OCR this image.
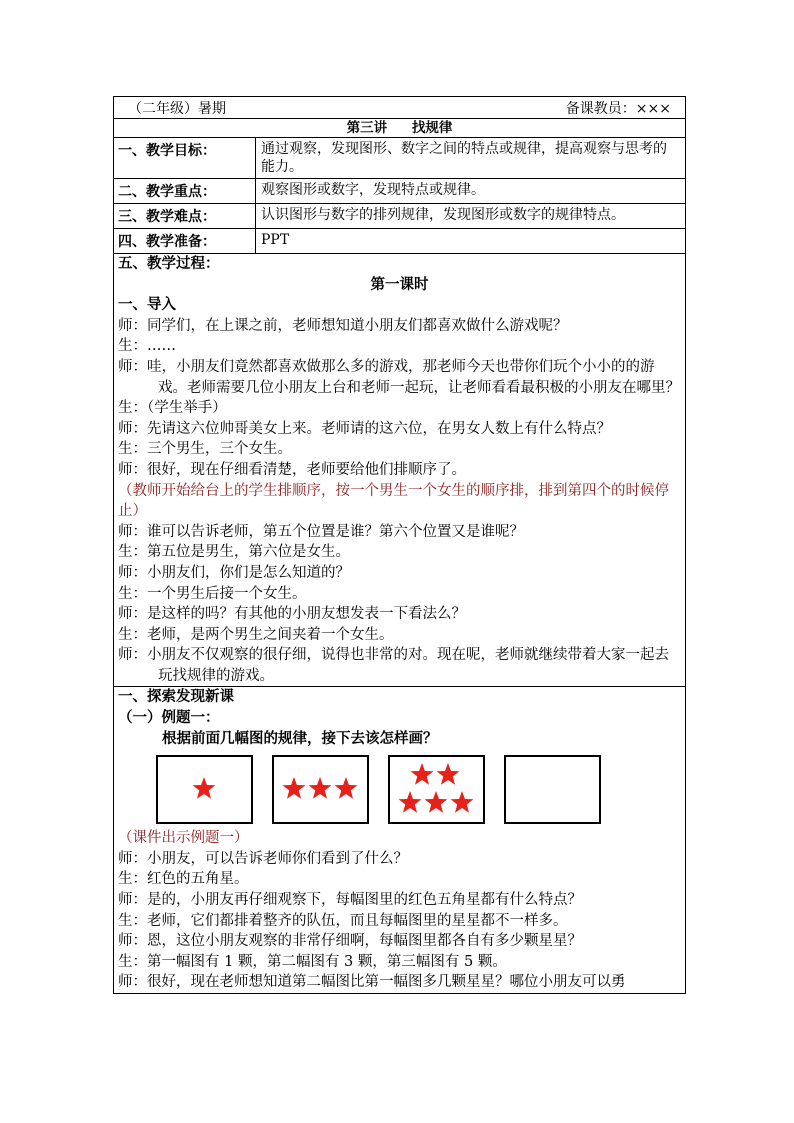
（二年级）暑期	备课教员：×××
第三讲 找规律
一、教学目标：	通过观察，发现图形、数字之间的特点或规律，提高观察与思考的能力。
二、教学重点：	观察图形或数字，发现特点或规律。
三、教学难点：	认识图形与数字的排列规律，发现图形或数字的规律特点。
四、教学准备：	PPT
五、教学过程：
第一课时
一、导入
师：同学们，在上课之前，老师想知道小朋友们都喜欢做什么游戏呢？
生：……
师：哇，小朋友们竟然都喜欢做那么多的游戏，那老师今天也带你们玩个小小的的游戏。老师需要几位小朋友上台和老师一起玩，让老师看看最积极的小朋友在哪里？
生：（学生举手）
师：先请这六位帅哥美女上来。老师请的这六位，在男女人数上有什么特点？
生：三个男生，三个女生。
师：很好，现在仔细看清楚，老师要给他们排顺序了。
（教师开始给台上的学生排顺序，按一个男生一个女生的顺序排，排到第四个的时候停止）
师：谁可以告诉老师，第五个位置是谁？第六个位置又是谁呢？
生：第五位是男生，第六位是女生。
师：小朋友们，你们是怎么知道的？
生：一个男生后接一个女生。
师：是这样的吗？有其他的小朋友想发表一下看法么？
生：老师，是两个男生之间夹着一个女生。
师：小朋友不仅观察的很仔细，说得也非常的对。现在呢，老师就继续带着大家一起去玩找规律的游戏。
一、探索发现新课
（一）例题一：
根据前面几幅图的规律，接下去该怎样画？
（课件出示例题一）
师：小朋友，可以告诉老师你们看到了什么？
生：红色的五角星。
师：是的，小朋友再仔细观察下，每幅图里的红色五角星都有什么特点？
生：老师，它们都排着整齐的队伍，而且每幅图里的星星都不一样多。
师：恩，这位小朋友观察的非常仔细啊，每幅图里都各自有多少颗星星？
生：第一幅图有 1 颗，第二幅图有 3 颗，第三幅图有 5 颗。
师：很好，现在老师想知道第二幅图比第一幅图多几颗星星？哪位小朋友可以勇
